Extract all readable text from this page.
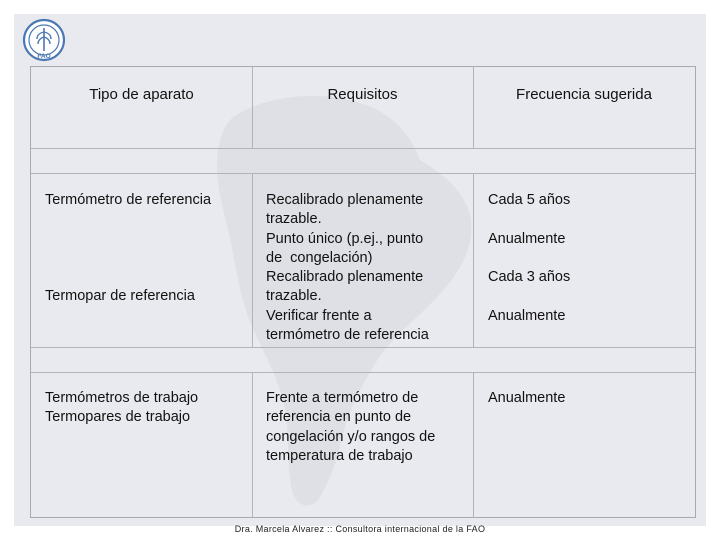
FAO
Tipo de aparato	Requisitos	Frecuencia sugerida
Termómetro de referencia
Termopar de referencia
Recalibrado plenamente
trazable.
Punto único (p.ej., punto
de  congelación)
Recalibrado plenamente
trazable.
Verificar frente a
termómetro de referencia
Cada 5 años
Anualmente
Cada 3 años
Anualmente
Termómetros de trabajo
Termopares de trabajo
Frente a termómetro de
referencia en punto de
congelación y/o rangos de
temperatura de trabajo
Anualmente
Dra. Marcela Alvarez :: Consultora internacional de la FAO
